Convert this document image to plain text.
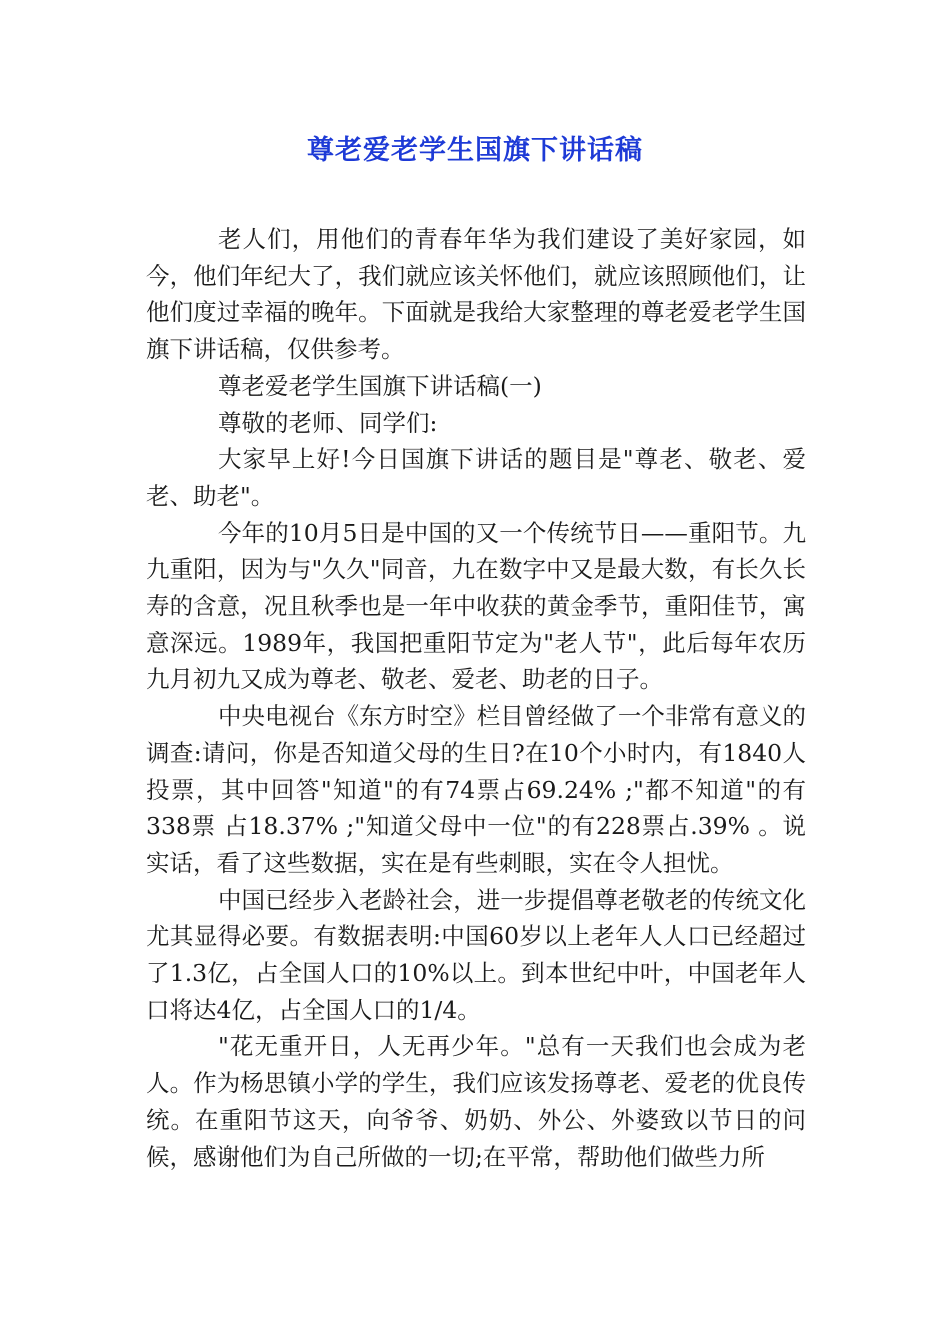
尊老爱老学生国旗下讲话稿

老人们，用他们的青春年华为我们建设了美好家园，如今，他们年纪大了，我们就应该关怀他们，就应该照顾他们，让他们度过幸福的晚年。下面就是我给大家整理的尊老爱老学生国旗下讲话稿，仅供参考。

尊老爱老学生国旗下讲话稿(一)

尊敬的老师、同学们:

大家早上好!今日国旗下讲话的题目是"尊老、敬老、爱老、助老"。

今年的10月5日是中国的又一个传统节日——重阳节。九九重阳，因为与"久久"同音，九在数字中又是最大数，有长久长寿的含意，况且秋季也是一年中收获的黄金季节，重阳佳节，寓意深远。1989年，我国把重阳节定为"老人节"，此后每年农历九月初九又成为尊老、敬老、爱老、助老的日子。

中央电视台《东方时空》栏目曾经做了一个非常有意义的调查:请问，你是否知道父母的生日?在10个小时内，有1840人投票，其中回答"知道"的有74票占69.24% ;"都不知道"的有 338票 占18.37% ;"知道父母中一位"的有228票占.39% 。说实话，看了这些数据，实在是有些刺眼，实在令人担忧。

中国已经步入老龄社会，进一步提倡尊老敬老的传统文化尤其显得必要。有数据表明:中国60岁以上老年人人口已经超过了1.3亿，占全国人口的10%以上。到本世纪中叶，中国老年人口将达4亿，占全国人口的1/4。

"花无重开日，人无再少年。"总有一天我们也会成为老人。作为杨思镇小学的学生，我们应该发扬尊老、爱老的优良传统。在重阳节这天，向爷爷、奶奶、外公、外婆致以节日的问候，感谢他们为自己所做的一切;在平常，帮助他们做些力所
